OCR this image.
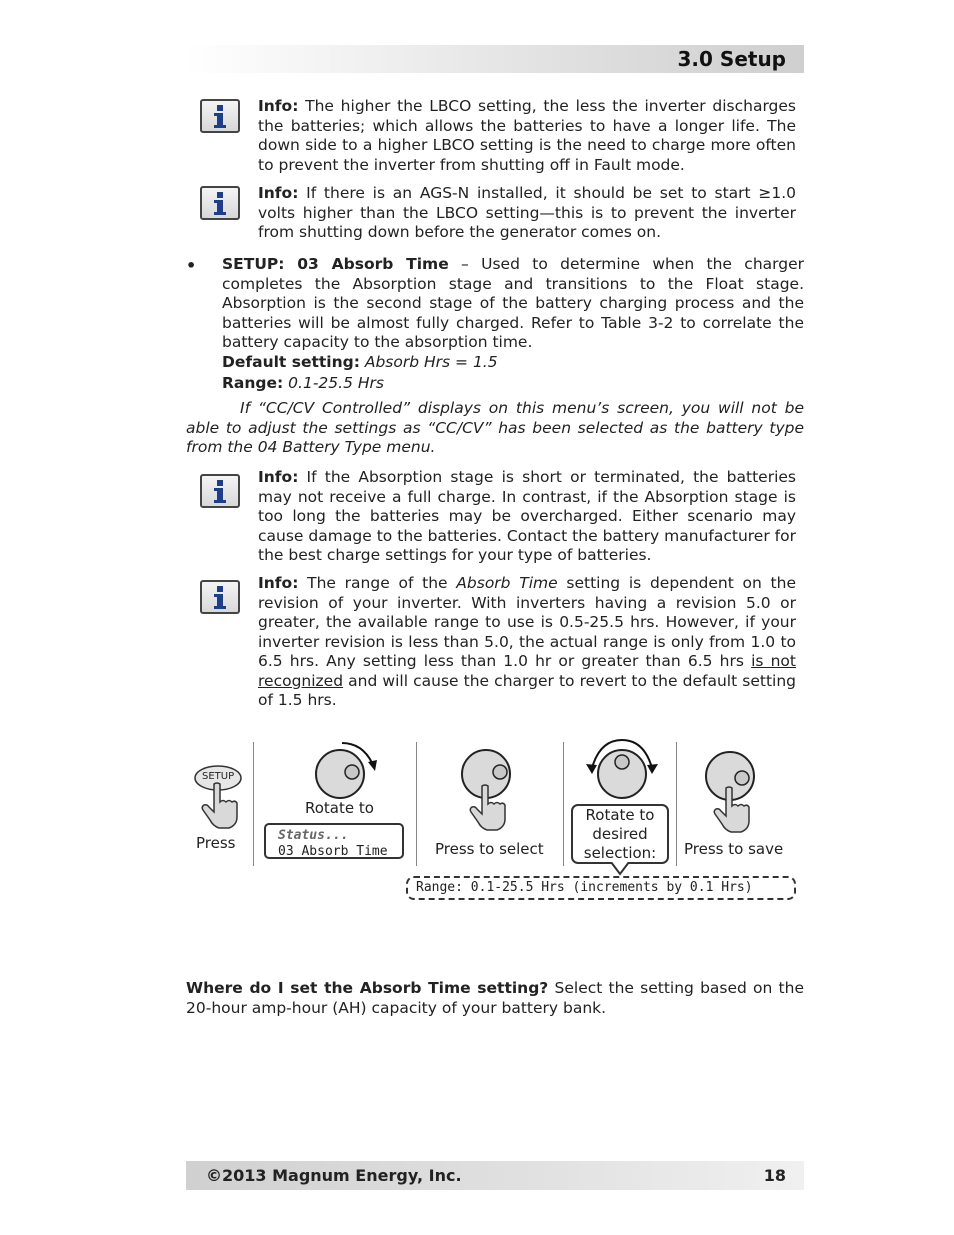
3.0 Setup
Info: The higher the LBCO setting, the less the inverter discharges the batteries; which allows the batteries to have a longer life. The down side to a higher LBCO setting is the need to charge more often to prevent the inverter from shutting off in Fault mode.
Info: If there is an AGS-N installed, it should be set to start ≥1.0 volts higher than the LBCO setting—this is to prevent the inverter from shutting down before the generator comes on.
• SETUP: 03 Absorb Time – Used to determine when the charger completes the Absorption stage and transitions to the Float stage. Absorption is the second stage of the battery charging process and the batteries will be almost fully charged. Refer to Table 3-2 to correlate the battery capacity to the absorption time.
Default setting: Absorb Hrs = 1.5
Range: 0.1-25.5 Hrs
If “CC/CV Controlled” displays on this menu’s screen, you will not be able to adjust the settings as “CC/CV” has been selected as the battery type from the 04 Battery Type menu.
Info: If the Absorption stage is short or terminated, the batteries may not receive a full charge. In contrast, if the Absorption stage is too long the batteries may be overcharged. Either scenario may cause damage to the batteries. Contact the battery manufacturer for the best charge settings for your type of batteries.
Info: The range of the Absorb Time setting is dependent on the revision of your inverter. With inverters having a revision 5.0 or greater, the available range to use is 0.5-25.5 hrs. However, if your inverter revision is less than 5.0, the actual range is only from 1.0 to 6.5 hrs. Any setting less than 1.0 hr or greater than 6.5 hrs is not recognized and will cause the charger to revert to the default setting of 1.5 hrs.
SETUP
Press
Rotate to
Status...
03 Absorb Time	Press to select
Rotate to
desired
selection:	Press to save
Range: 0.1-25.5 Hrs (increments by 0.1 Hrs)
Where do I set the Absorb Time setting? Select the setting based on the 20-hour amp-hour (AH) capacity of your battery bank.
©2013 Magnum Energy, Inc.	18
